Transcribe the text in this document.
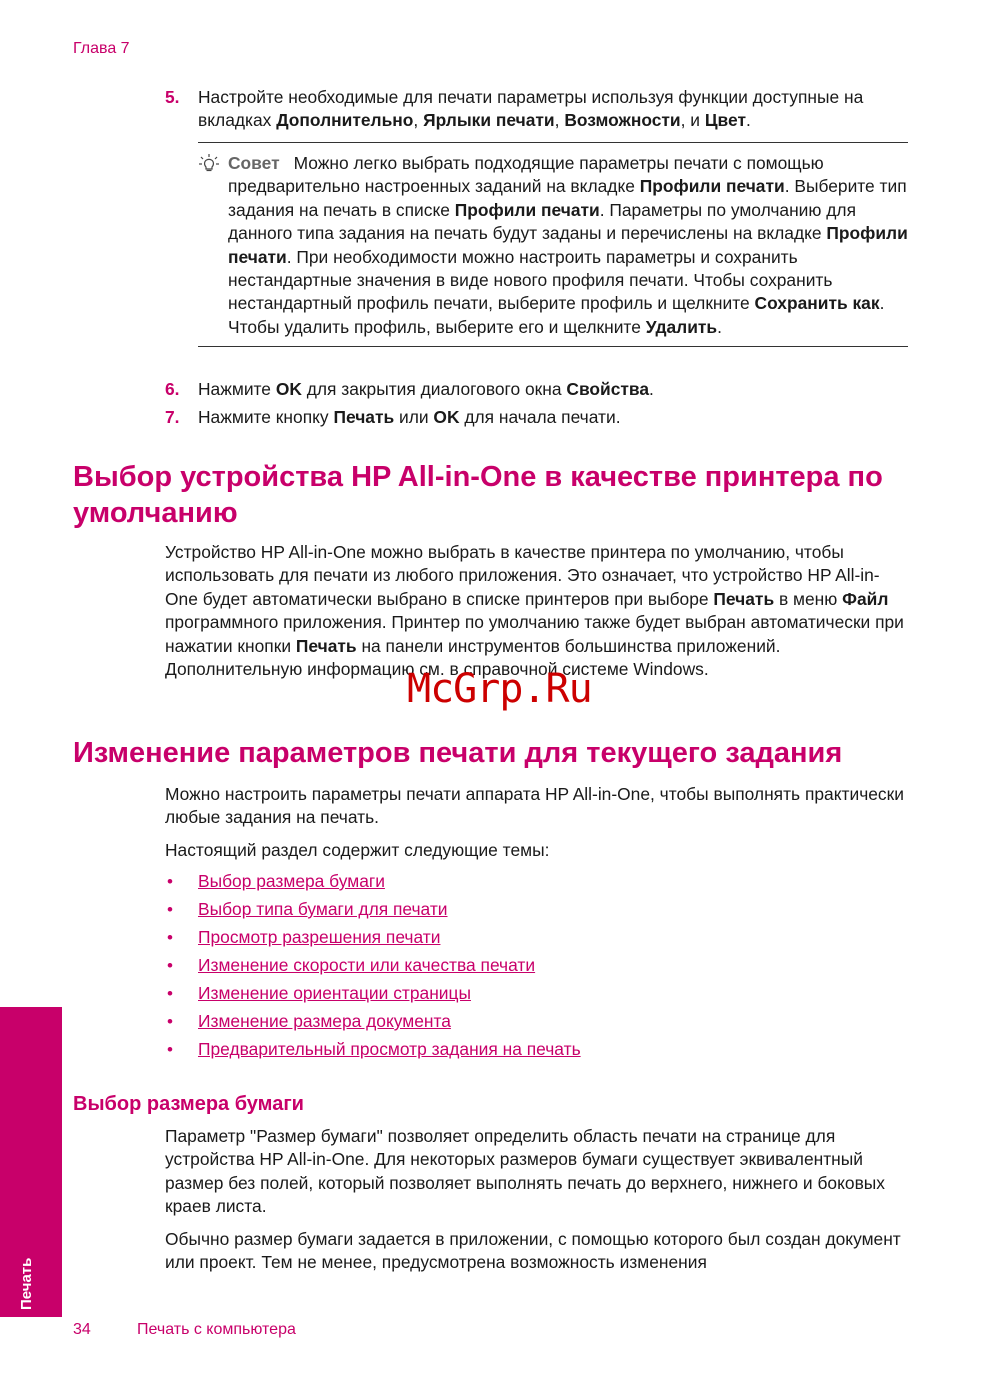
Глава 7
5. Настройте необходимые для печати параметры используя функции доступные на вкладках Дополнительно, Ярлыки печати, Возможности, и Цвет.
Совет Можно легко выбрать подходящие параметры печати с помощью предварительно настроенных заданий на вкладке Профили печати. Выберите тип задания на печать в списке Профили печати. Параметры по умолчанию для данного типа задания на печать будут заданы и перечислены на вкладке Профили печати. При необходимости можно настроить параметры и сохранить нестандартные значения в виде нового профиля печати. Чтобы сохранить нестандартный профиль печати, выберите профиль и щелкните Сохранить как. Чтобы удалить профиль, выберите его и щелкните Удалить.
6. Нажмите OK для закрытия диалогового окна Свойства.
7. Нажмите кнопку Печать или OK для начала печати.
Выбор устройства HP All-in-One в качестве принтера по умолчанию

Устройство HP All-in-One можно выбрать в качестве принтера по умолчанию, чтобы использовать для печати из любого приложения. Это означает, что устройство HP All-in-One будет автоматически выбрано в списке принтеров при выборе Печать в меню Файл программного приложения. Принтер по умолчанию также будет выбран автоматически при нажатии кнопки Печать на панели инструментов большинства приложений. Дополнительную информацию см. в справочной системе Windows.

Изменение параметров печати для текущего задания

Можно настроить параметры печати аппарата HP All-in-One, чтобы выполнять практически любые задания на печать.

Настоящий раздел содержит следующие темы:

• Выбор размера бумаги
• Выбор типа бумаги для печати
• Просмотр разрешения печати
• Изменение скорости или качества печати
• Изменение ориентации страницы
• Изменение размера документа
• Предварительный просмотр задания на печать
Выбор размера бумаги

Параметр "Размер бумаги" позволяет определить область печати на странице для устройства HP All-in-One. Для некоторых размеров бумаги существует эквивалентный размер без полей, который позволяет выполнять печать до верхнего, нижнего и боковых краев листа.

Обычно размер бумаги задается в приложении, с помощью которого был создан документ или проект. Тем не менее, предусмотрена возможность изменения

McGrp.Ru
Печать
34	Печать с компьютера
